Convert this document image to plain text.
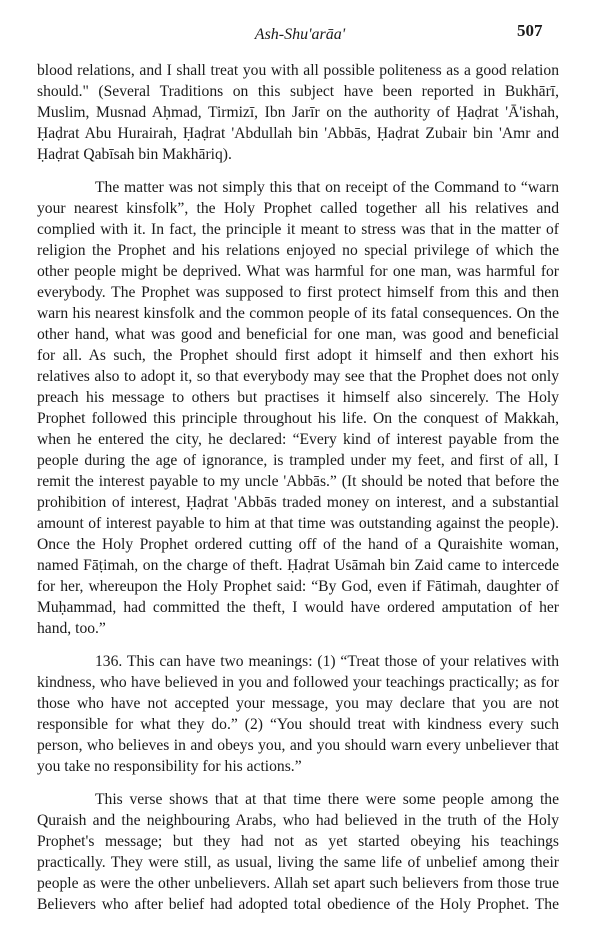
Ash-Shu'arāa'	507
blood relations, and I shall treat you with all possible politeness as a good relation
should." (Several Traditions on this subject have been reported in Bukhārī,
Muslim, Musnad Aḥmad, Tirmizī, Ibn Jarīr on the authority of Ḥaḍrat 'Ā'ishah,
Ḥaḍrat Abu Hurairah, Ḥaḍrat 'Abdullah bin 'Abbās, Ḥaḍrat Zubair bin 'Amr and
Ḥaḍrat Qabīsah bin Makhāriq).
The matter was not simply this that on receipt of the Command to “warn
your nearest kinsfolk”, the Holy Prophet called together all his relatives and
complied with it. In fact, the principle it meant to stress was that in the matter of
religion the Prophet and his relations enjoyed no special privilege of which the
other people might be deprived. What was harmful for one man, was harmful for
everybody. The Prophet was supposed to first protect himself from this and then
warn his nearest kinsfolk and the common people of its fatal consequences. On the
other hand, what was good and beneficial for one man, was good and beneficial
for all. As such, the Prophet should first adopt it himself and then exhort his
relatives also to adopt it, so that everybody may see that the Prophet does not only
preach his message to others but practises it himself also sincerely. The Holy
Prophet followed this principle throughout his life. On the conquest of Makkah,
when he entered the city, he declared: “Every kind of interest payable from the
people during the age of ignorance, is trampled under my feet, and first of all, I
remit the interest payable to my uncle 'Abbās.” (It should be noted that before the
prohibition of interest, Ḥaḍrat 'Abbās traded money on interest, and a substantial
amount of interest payable to him at that time was outstanding against the people).
Once the Holy Prophet ordered cutting off of the hand of a Quraishite woman,
named Fāṭimah, on the charge of theft. Ḥaḍrat Usāmah bin Zaid came to intercede
for her, whereupon the Holy Prophet said: “By God, even if Fātimah, daughter of
Muḥammad, had committed the theft, I would have ordered amputation of her
hand, too.”
136. This can have two meanings: (1) “Treat those of your relatives with
kindness, who have believed in you and followed your teachings practically; as for
those who have not accepted your message, you may declare that you are not
responsible for what they do.” (2) “You should treat with kindness every such
person, who believes in and obeys you, and you should warn every unbeliever that
you take no responsibility for his actions.”
This verse shows that at that time there were some people among the
Quraish and the neighbouring Arabs, who had believed in the truth of the Holy
Prophet's message; but they had not as yet started obeying his teachings
practically. They were still, as usual, living the same life of unbelief among their
people as were the other unbelievers. Allah set apart such believers from those true
Believers who after belief had adopted total obedience of the Holy Prophet. The
